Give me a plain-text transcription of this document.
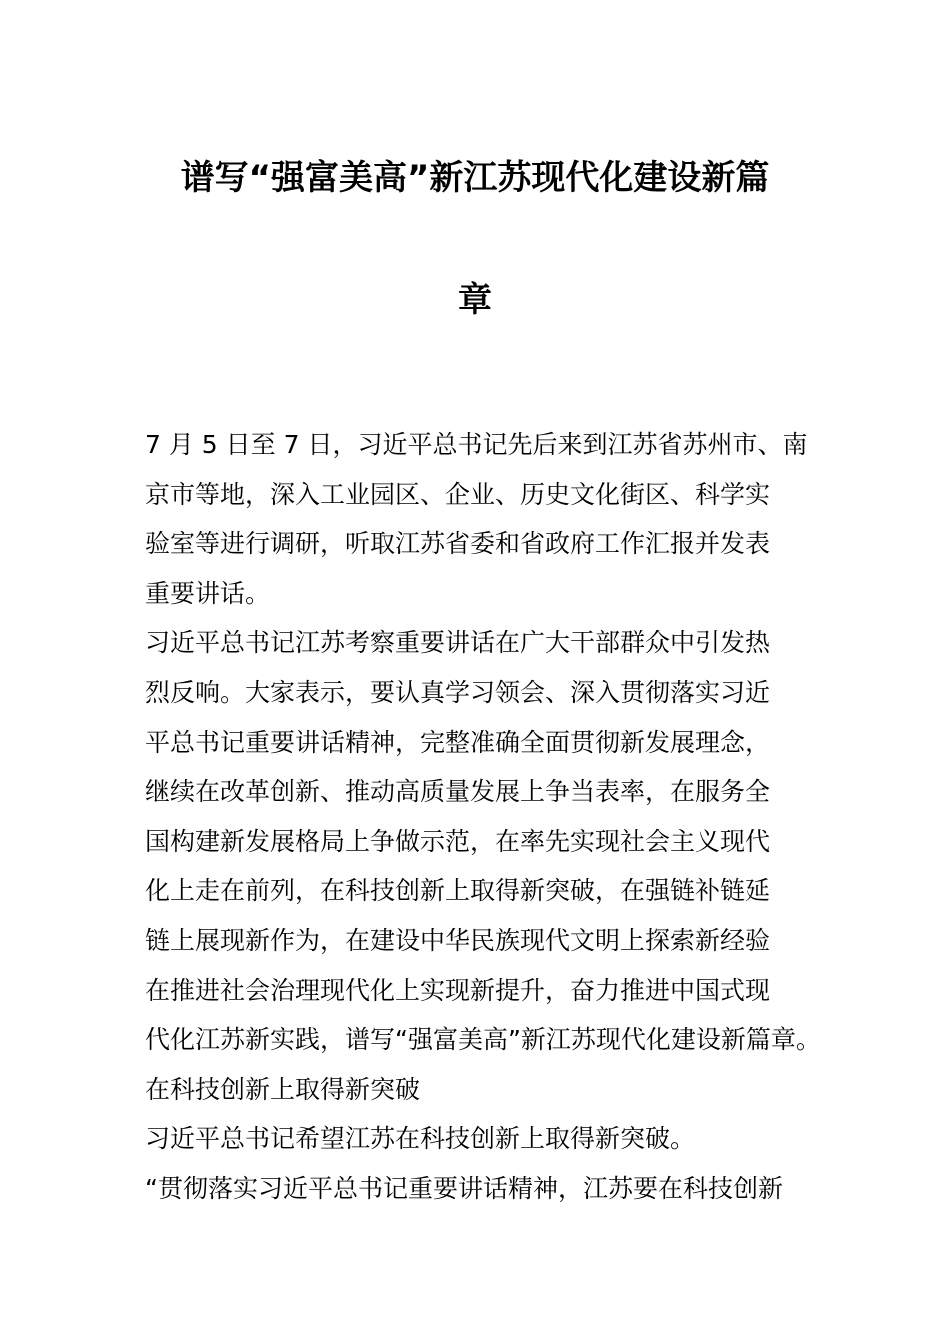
谱写“强富美高”新江苏现代化建设新篇
章

7 月 5 日至 7 日，习近平总书记先后来到江苏省苏州市、南
京市等地，深入工业园区、企业、历史文化街区、科学实
验室等进行调研，听取江苏省委和省政府工作汇报并发表
重要讲话。

习近平总书记江苏考察重要讲话在广大干部群众中引发热
烈反响。大家表示，要认真学习领会、深入贯彻落实习近
平总书记重要讲话精神，完整准确全面贯彻新发展理念，
继续在改革创新、推动高质量发展上争当表率，在服务全
国构建新发展格局上争做示范，在率先实现社会主义现代
化上走在前列，在科技创新上取得新突破，在强链补链延
链上展现新作为，在建设中华民族现代文明上探索新经验
在推进社会治理现代化上实现新提升，奋力推进中国式现
代化江苏新实践，谱写“强富美高”新江苏现代化建设新篇章。

在科技创新上取得新突破

习近平总书记希望江苏在科技创新上取得新突破。

“贯彻落实习近平总书记重要讲话精神，江苏要在科技创新
